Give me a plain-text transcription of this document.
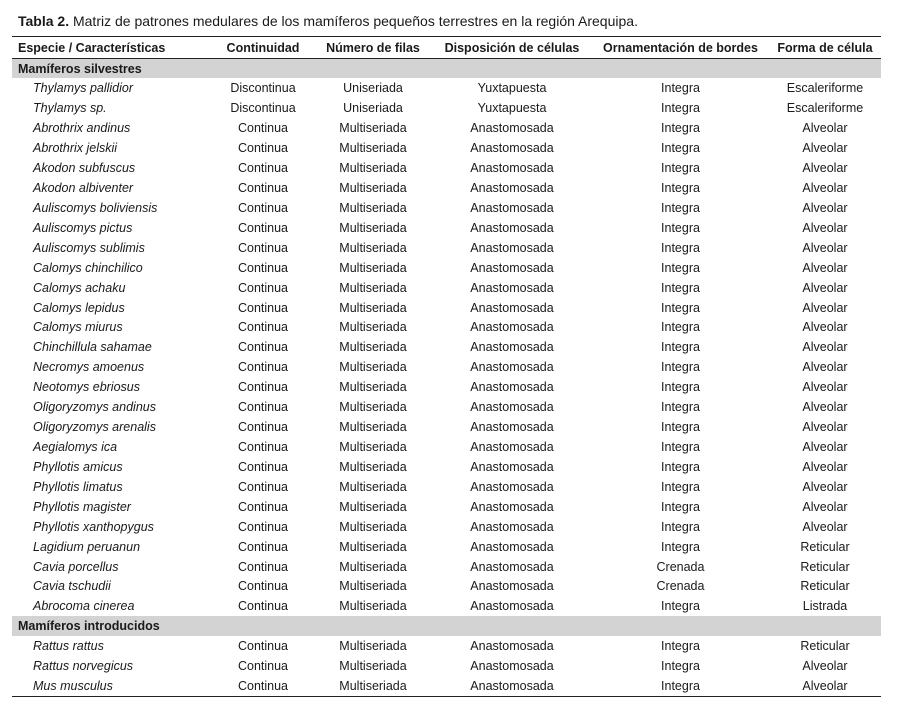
Tabla 2. Matriz de patrones medulares de los mamíferos pequeños terrestres en la región Arequipa.
Especie / Características	Continuidad	Número de filas	Disposición de células	Ornamentación de bordes	Forma de célula
Mamíferos silvestres					
Thylamys pallidior	Discontinua	Uniseriada	Yuxtapuesta	Integra	Escaleriforme
Thylamys sp.	Discontinua	Uniseriada	Yuxtapuesta	Integra	Escaleriforme
Abrothrix andinus	Continua	Multiseriada	Anastomosada	Integra	Alveolar
Abrothrix jelskii	Continua	Multiseriada	Anastomosada	Integra	Alveolar
Akodon subfuscus	Continua	Multiseriada	Anastomosada	Integra	Alveolar
Akodon albiventer	Continua	Multiseriada	Anastomosada	Integra	Alveolar
Auliscomys boliviensis	Continua	Multiseriada	Anastomosada	Integra	Alveolar
Auliscomys pictus	Continua	Multiseriada	Anastomosada	Integra	Alveolar
Auliscomys sublimis	Continua	Multiseriada	Anastomosada	Integra	Alveolar
Calomys chinchilico	Continua	Multiseriada	Anastomosada	Integra	Alveolar
Calomys achaku	Continua	Multiseriada	Anastomosada	Integra	Alveolar
Calomys lepidus	Continua	Multiseriada	Anastomosada	Integra	Alveolar
Calomys miurus	Continua	Multiseriada	Anastomosada	Integra	Alveolar
Chinchillula sahamae	Continua	Multiseriada	Anastomosada	Integra	Alveolar
Necromys amoenus	Continua	Multiseriada	Anastomosada	Integra	Alveolar
Neotomys ebriosus	Continua	Multiseriada	Anastomosada	Integra	Alveolar
Oligoryzomys andinus	Continua	Multiseriada	Anastomosada	Integra	Alveolar
Oligoryzomys arenalis	Continua	Multiseriada	Anastomosada	Integra	Alveolar
Aegialomys ica	Continua	Multiseriada	Anastomosada	Integra	Alveolar
Phyllotis amicus	Continua	Multiseriada	Anastomosada	Integra	Alveolar
Phyllotis limatus	Continua	Multiseriada	Anastomosada	Integra	Alveolar
Phyllotis magister	Continua	Multiseriada	Anastomosada	Integra	Alveolar
Phyllotis xanthopygus	Continua	Multiseriada	Anastomosada	Integra	Alveolar
Lagidium peruanun	Continua	Multiseriada	Anastomosada	Integra	Reticular
Cavia porcellus	Continua	Multiseriada	Anastomosada	Crenada	Reticular
Cavia tschudii	Continua	Multiseriada	Anastomosada	Crenada	Reticular
Abrocoma cinerea	Continua	Multiseriada	Anastomosada	Integra	Listrada
Mamíferos introducidos					
Rattus rattus	Continua	Multiseriada	Anastomosada	Integra	Reticular
Rattus norvegicus	Continua	Multiseriada	Anastomosada	Integra	Alveolar
Mus musculus	Continua	Multiseriada	Anastomosada	Integra	Alveolar
